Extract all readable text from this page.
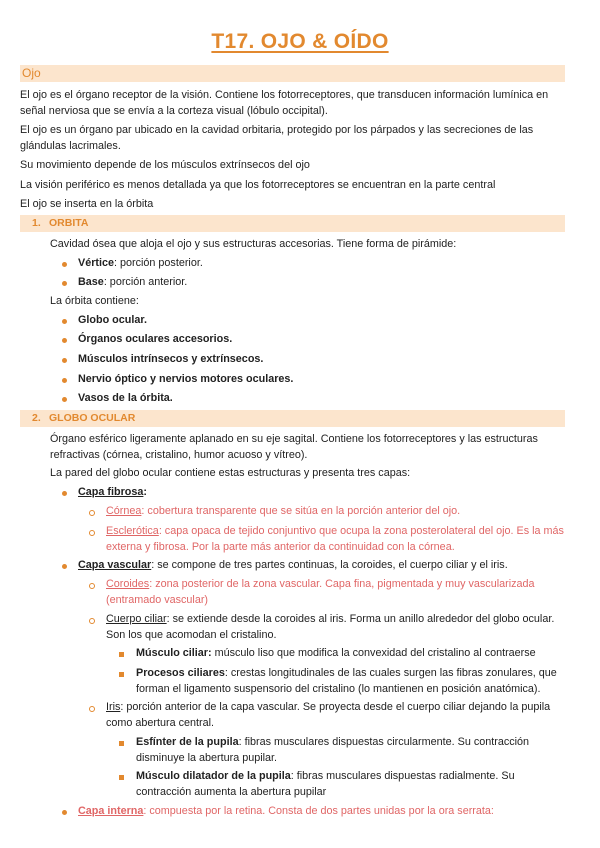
T17. OJO & OÍDO
Ojo
El ojo es el órgano receptor de la visión. Contiene los fotorreceptores, que transducen información lumínica en señal nerviosa que se envía a la corteza visual (lóbulo occipital).
El ojo es un órgano par ubicado en la cavidad orbitaria, protegido por los párpados y las secreciones de las glándulas lacrimales.
Su movimiento depende de los músculos extrínsecos del ojo
La visión periférico es menos detallada ya que los fotorreceptores se encuentran en la parte central
El ojo se inserta en la órbita
1. ORBITA
Cavidad ósea que aloja el ojo y sus estructuras accesorias. Tiene forma de pirámide:
Vértice: porción posterior.
Base: porción anterior.
La órbita contiene:
Globo ocular.
Órganos oculares accesorios.
Músculos intrínsecos y extrínsecos.
Nervio óptico y nervios motores oculares.
Vasos de la órbita.
2. GLOBO OCULAR
Órgano esférico ligeramente aplanado en su eje sagital. Contiene los fotorreceptores y las estructuras refractivas (córnea, cristalino, humor acuoso y vítreo).
La pared del globo ocular contiene estas estructuras y presenta tres capas:
Capa fibrosa:
Córnea: cobertura transparente que se sitúa en la porción anterior del ojo.
Esclerótica: capa opaca de tejido conjuntivo que ocupa la zona posterolateral del ojo. Es la más externa y fibrosa. Por la parte más anterior da continuidad con la córnea.
Capa vascular: se compone de tres partes continuas, la coroides, el cuerpo ciliar y el iris.
Coroides: zona posterior de la zona vascular. Capa fina, pigmentada y muy vascularizada (entramado vascular)
Cuerpo ciliar: se extiende desde la coroides al iris. Forma un anillo alrededor del globo ocular. Son los que acomodan el cristalino.
Músculo ciliar: músculo liso que modifica la convexidad del cristalino al contraerse
Procesos ciliares: crestas longitudinales de las cuales surgen las fibras zonulares, que forman el ligamento suspensorio del cristalino (lo mantienen en posición anatómica).
Iris: porción anterior de la capa vascular. Se proyecta desde el cuerpo ciliar dejando la pupila como abertura central.
Esfínter de la pupila: fibras musculares dispuestas circularmente. Su contracción disminuye la abertura pupilar.
Músculo dilatador de la pupila: fibras musculares dispuestas radialmente. Su contracción aumenta la abertura pupilar
Capa interna: compuesta por la retina. Consta de dos partes unidas por la ora serrata:
